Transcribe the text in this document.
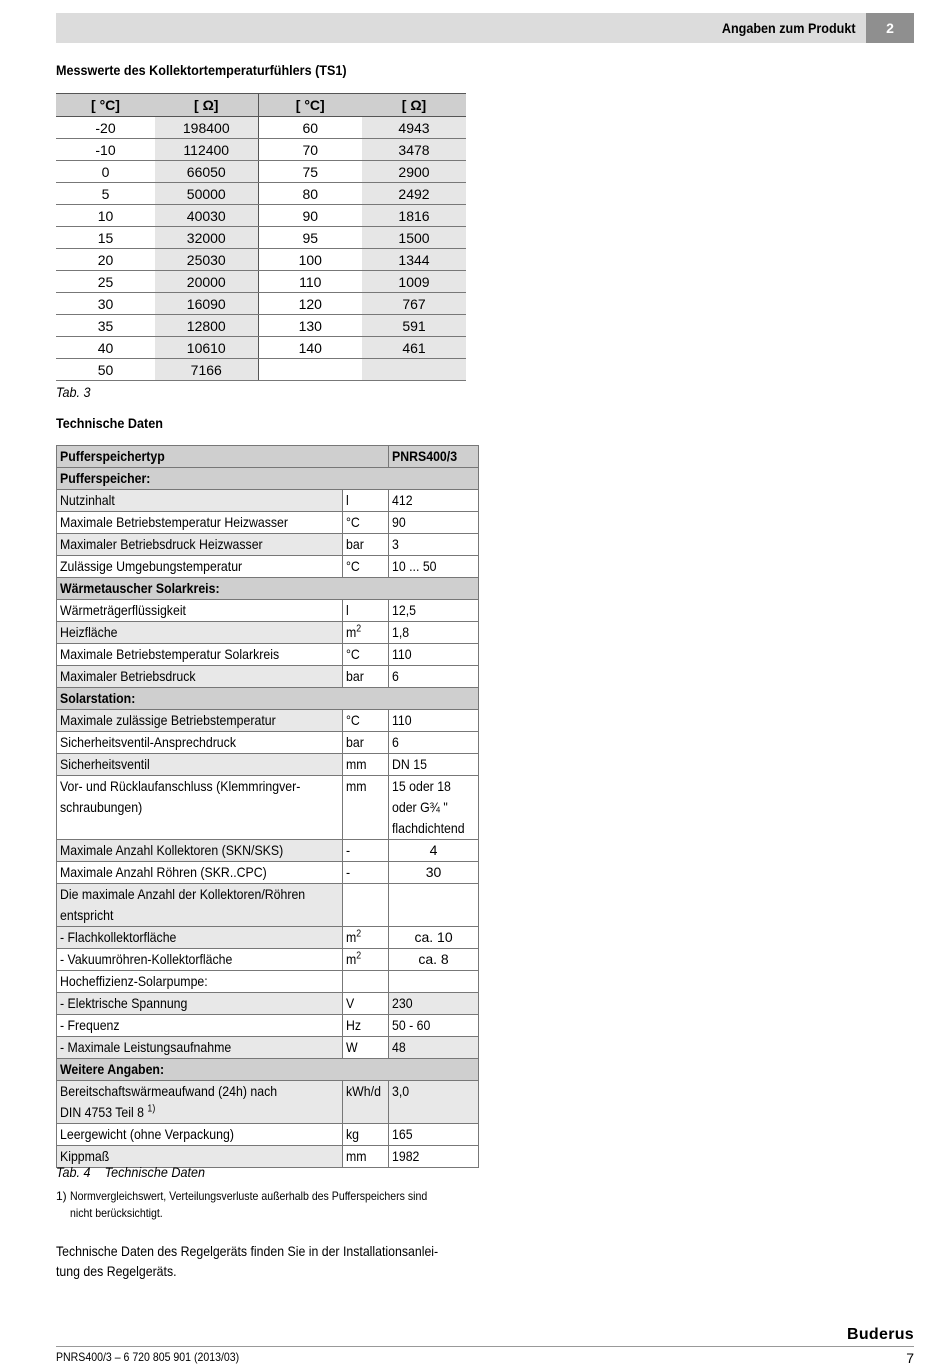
Angaben zum Produkt	2
Messwerte des Kollektortemperaturfühlers (TS1)
[ °C]	[ Ω]	[ °C]	[ Ω]
-20	198400	60	4943
-10	112400	70	3478
0	66050	75	2900
5	50000	80	2492
10	40030	90	1816
15	32000	95	1500
20	25030	100	1344
25	20000	110	1009
30	16090	120	767
35	12800	130	591
40	10610	140	461
50	7166		
Tab. 3
Technische Daten
Pufferspeichertyp		PNRS400/3
Pufferspeicher:		
Nutzinhalt	l	412
Maximale Betriebstemperatur Heizwasser	°C	90
Maximaler Betriebsdruck Heizwasser	bar	3
Zulässige Umgebungstemperatur	°C	10 ... 50
Wärmetauscher Solarkreis:		
Wärmeträgerflüssigkeit	l	12,5
Heizfläche	$m^2$	1,8
Maximale Betriebstemperatur Solarkreis	°C	110
Maximaler Betriebsdruck	bar	6
Solarstation:		
Maximale zulässige Betriebstemperatur	°C	110
Sicherheitsventil-Ansprechdruck	bar	6
Sicherheitsventil	mm	DN 15
Vor- und Rücklaufanschluss (Klemmringver-
schraubungen)	mm	15 oder 18
oder G¾ "
flachdichtend
Maximale Anzahl Kollektoren (SKN/SKS)	-	4
Maximale Anzahl Röhren (SKR..CPC)	-	30
Die maximale Anzahl der Kollektoren/Röhren
entspricht		
- Flachkollektorfläche	$m^2$	ca. 10
- Vakuumröhren-Kollektorfläche	$m^2$	ca. 8
Hocheffizienz-Solarpumpe:		
- Elektrische Spannung	V	230
- Frequenz	Hz	50 - 60
- Maximale Leistungsaufnahme	W	48
Weitere Angaben:		
Bereitschaftswärmeaufwand (24h) nach
DIN 4753 Teil 8 $^{1)}$	kWh/d	3,0
Leergewicht (ohne Verpackung)	kg	165
Kippmaß	mm	1982
Tab. 4    Technische Daten
1) Normvergleichswert, Verteilungsverluste außerhalb des Pufferspeichers sind
nicht berücksichtigt.
Technische Daten des Regelgeräts finden Sie in der Installationsanlei-
tung des Regelgeräts.
Buderus
PNRS400/3 – 6 720 805 901 (2013/03)	7
